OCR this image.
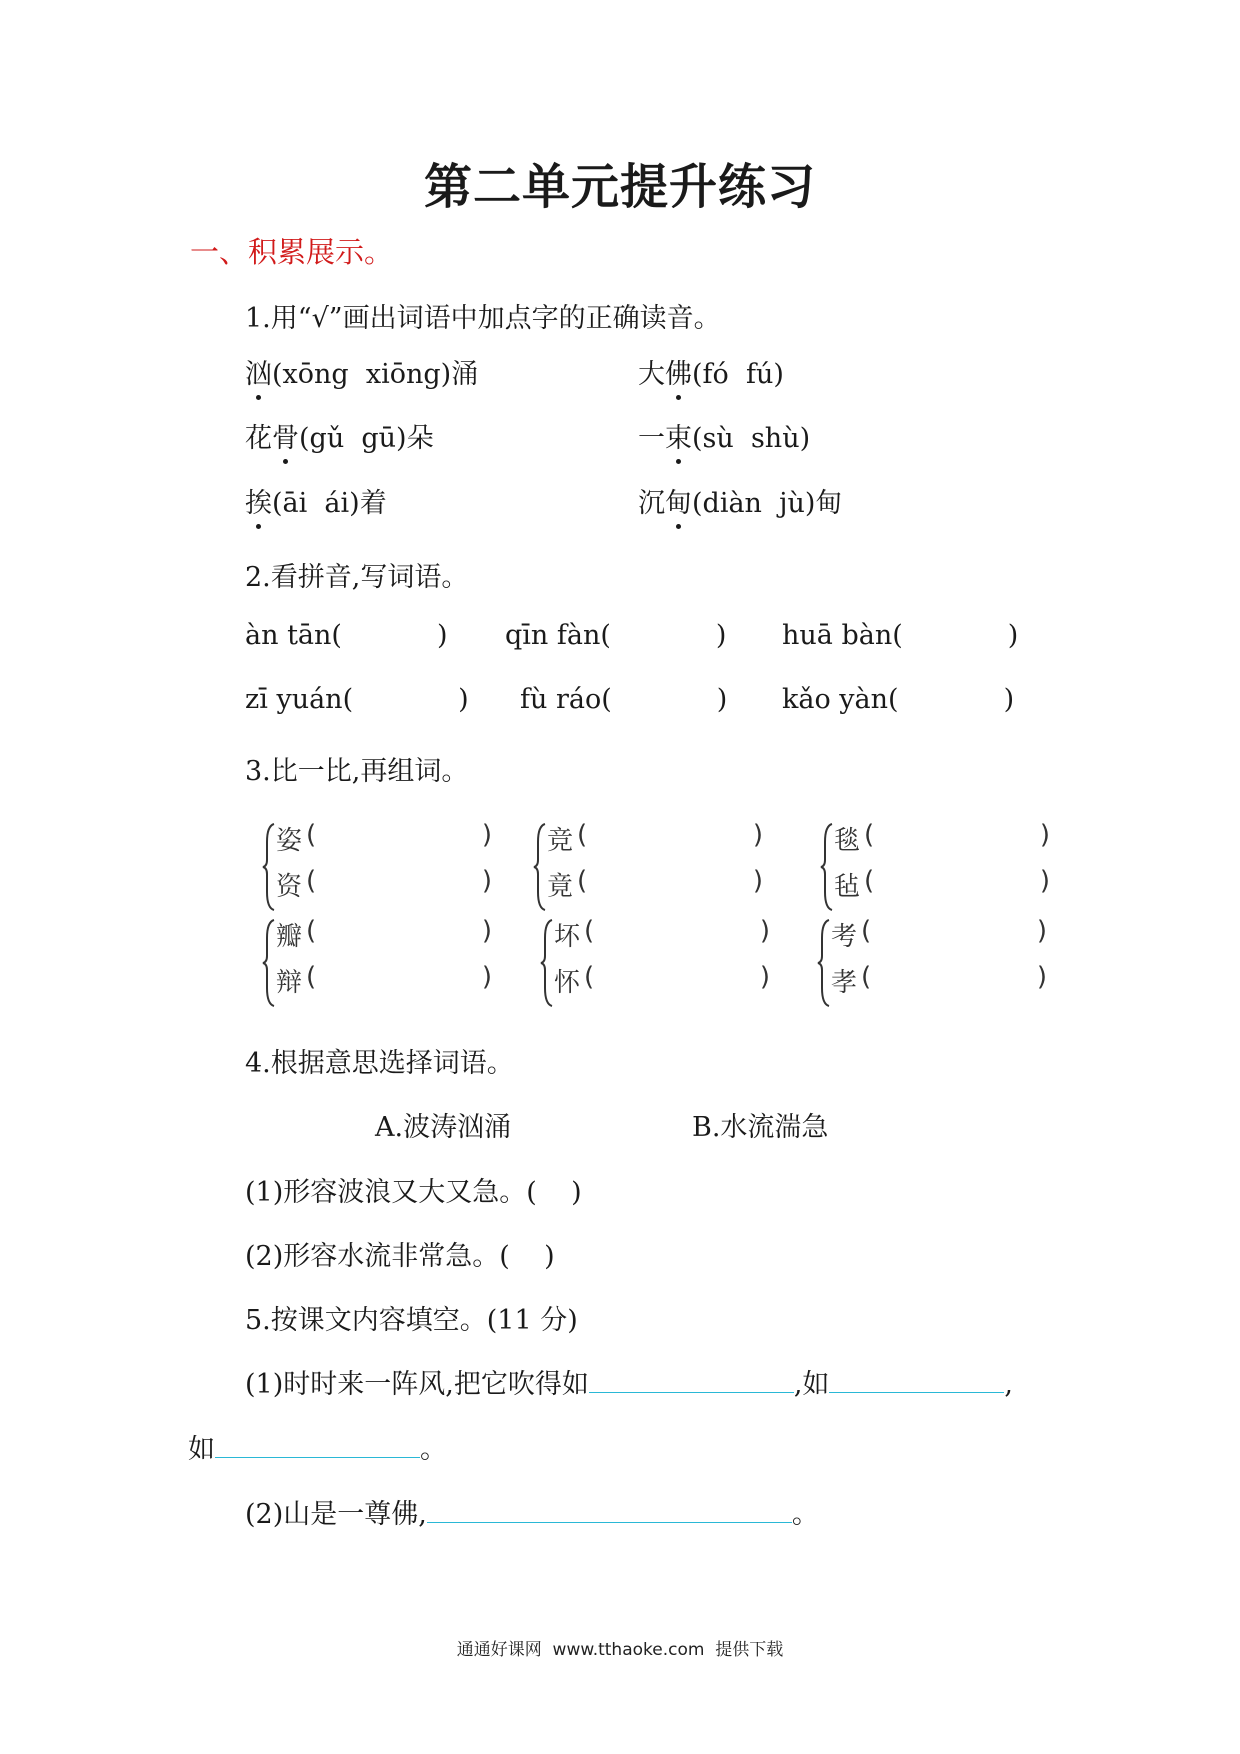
第二单元提升练习
一、积累展示。
1.用“√”画出词语中加点字的正确读音。
汹(xōng  xiōng)涌	大佛(fó  fú)
花骨(gǔ  gū)朵	一束(sù  shù)
挨(āi  ái)着	沉甸(diàn  jù)甸
2.看拼音,写词语。
àn tān(	) qīn fàn(	) huā bàn(	)
zī yuán(	) fù ráo(	) kǎo yàn(	)
3.比一比,再组词。
姿 (	)
资 (	)
竞 (	)
竟 (	)
毯 (	)
毡 (	)
瓣 (	)
辩 (	)
坏 (	)
怀 (	)
考 (	)
孝 (	)
4.根据意思选择词语。
A.波涛汹涌	B.水流湍急
(1)形容波浪又大又急。(    )
(2)形容水流非常急。(    )
5.按课文内容填空。(11 分)
(1)时时来一阵风,把它吹得如	,如	,
如	。
(2)山是一尊佛,	。
通通好课网  www.tthaoke.com  提供下载
